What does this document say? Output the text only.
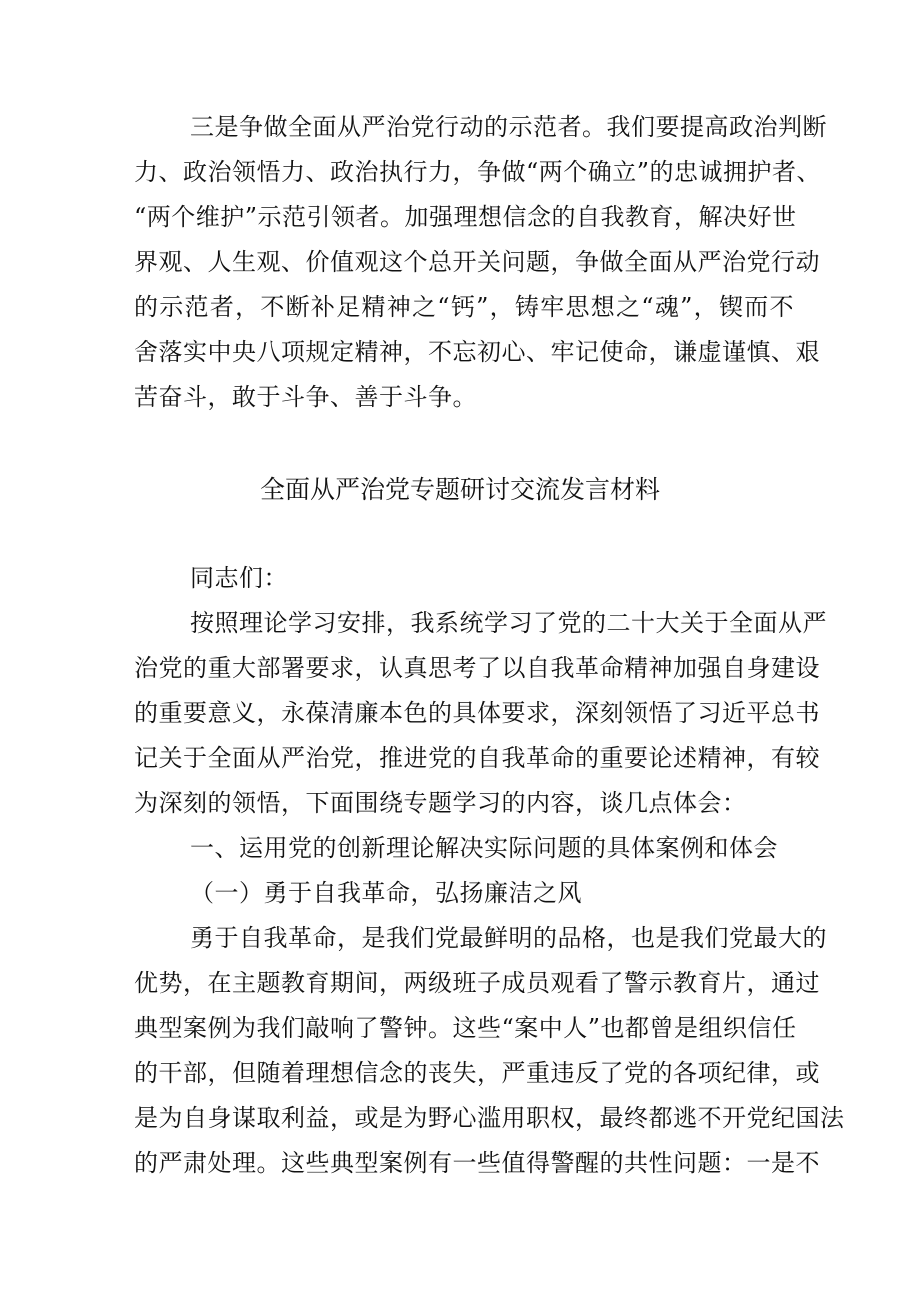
三是争做全面从严治党行动的示范者。我们要提高政治判断
力、政治领悟力、政治执行力，争做“两个确立”的忠诚拥护者、
“两个维护”示范引领者。加强理想信念的自我教育，解决好世
界观、人生观、价值观这个总开关问题，争做全面从严治党行动
的示范者，不断补足精神之“钙”，铸牢思想之“魂”，锲而不
舍落实中央八项规定精神，不忘初心、牢记使命，谦虚谨慎、艰
苦奋斗，敢于斗争、善于斗争。
全面从严治党专题研讨交流发言材料
同志们：
按照理论学习安排，我系统学习了党的二十大关于全面从严
治党的重大部署要求，认真思考了以自我革命精神加强自身建设
的重要意义，永葆清廉本色的具体要求，深刻领悟了习近平总书
记关于全面从严治党，推进党的自我革命的重要论述精神，有较
为深刻的领悟，下面围绕专题学习的内容，谈几点体会：
一、运用党的创新理论解决实际问题的具体案例和体会
（一）勇于自我革命，弘扬廉洁之风
勇于自我革命，是我们党最鲜明的品格，也是我们党最大的
优势，在主题教育期间，两级班子成员观看了警示教育片，通过
典型案例为我们敲响了警钟。这些“案中人”也都曾是组织信任
的干部，但随着理想信念的丧失，严重违反了党的各项纪律，或
是为自身谋取利益，或是为野心滥用职权，最终都逃不开党纪国法
的严肃处理。这些典型案例有一些值得警醒的共性问题：一是不
